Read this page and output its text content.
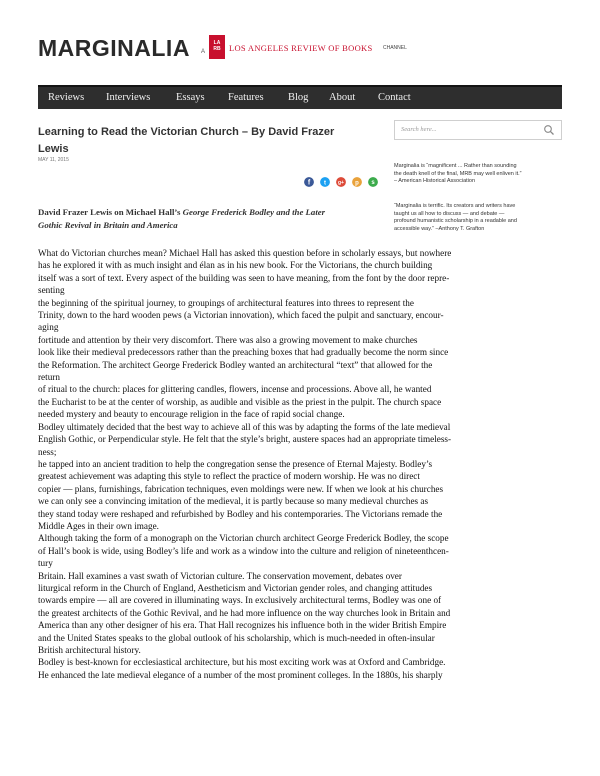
MARGINALIA A
LA
RB LOS ANGELES REVIEW OF BOOKS CHANNEL
Reviews Interviews Essays Features Blog About Contact
Learning to Read the Victorian Church – By David Frazer
Lewis
MAY 11, 2015
Search here...
f t g+ p s
Marginalia is “magnificent ... Rather than sounding
the death knell of the final, MRB may well enliven it.”
– American Historical Association
“Marginalia is terrific. Its creators and writers have
taught us all how to discuss — and debate —
profound humanistic scholarship in a readable and
accessible way.” –Anthony T. Grafton
David Frazer Lewis on Michael Hall’s George Frederick Bodley and the Later
Gothic Revival in Britain and America
What do Victorian churches mean? Michael Hall has asked this question before in scholarly essays, but nowhere
has he explored it with as much insight and élan as in his new book. For the Victorians, the church building
itself was a sort of text. Every aspect of the building was seen to have meaning, from the font by the door repre-
senting
the beginning of the spiritual journey, to groupings of architectural features into threes to represent the
Trinity, down to the hard wooden pews (a Victorian innovation), which faced the pulpit and sanctuary, encour-
aging
fortitude and attention by their very discomfort. There was also a growing movement to make churches
look like their medieval predecessors rather than the preaching boxes that had gradually become the norm since
the Reformation. The architect George Frederick Bodley wanted an architectural “text” that allowed for the
return
of ritual to the church: places for glittering candles, flowers, incense and processions. Above all, he wanted
the Eucharist to be at the center of worship, as audible and visible as the priest in the pulpit. The church space
needed mystery and beauty to encourage religion in the face of rapid social change.
Bodley ultimately decided that the best way to achieve all of this was by adapting the forms of the late medieval
English Gothic, or Perpendicular style. He felt that the style’s bright, austere spaces had an appropriate timeless-
ness;
he tapped into an ancient tradition to help the congregation sense the presence of Eternal Majesty. Bodley’s
greatest achievement was adapting this style to reflect the practice of modern worship. He was no direct
copier — plans, furnishings, fabrication techniques, even moldings were new. If when we look at his churches
we can only see a convincing imitation of the medieval, it is partly because so many medieval churches as
they stand today were reshaped and refurbished by Bodley and his contemporaries. The Victorians remade the
Middle Ages in their own image.
Although taking the form of a monograph on the Victorian church architect George Frederick Bodley, the scope
of Hall’s book is wide, using Bodley’s life and work as a window into the culture and religion of nineteenthcen-
tury
Britain. Hall examines a vast swath of Victorian culture. The conservation movement, debates over
liturgical reform in the Church of England, Aestheticism and Victorian gender roles, and changing attitudes
towards empire — all are covered in illuminating ways. In exclusively architectural terms, Bodley was one of
the greatest architects of the Gothic Revival, and he had more influence on the way churches look in Britain and
America than any other designer of his era. That Hall recognizes his influence both in the wider British Empire
and the United States speaks to the global outlook of his scholarship, which is much-needed in often-insular
British architectural history.
Bodley is best-known for ecclesiastical architecture, but his most exciting work was at Oxford and Cambridge.
He enhanced the late medieval elegance of a number of the most prominent colleges. In the 1880s, his sharply
